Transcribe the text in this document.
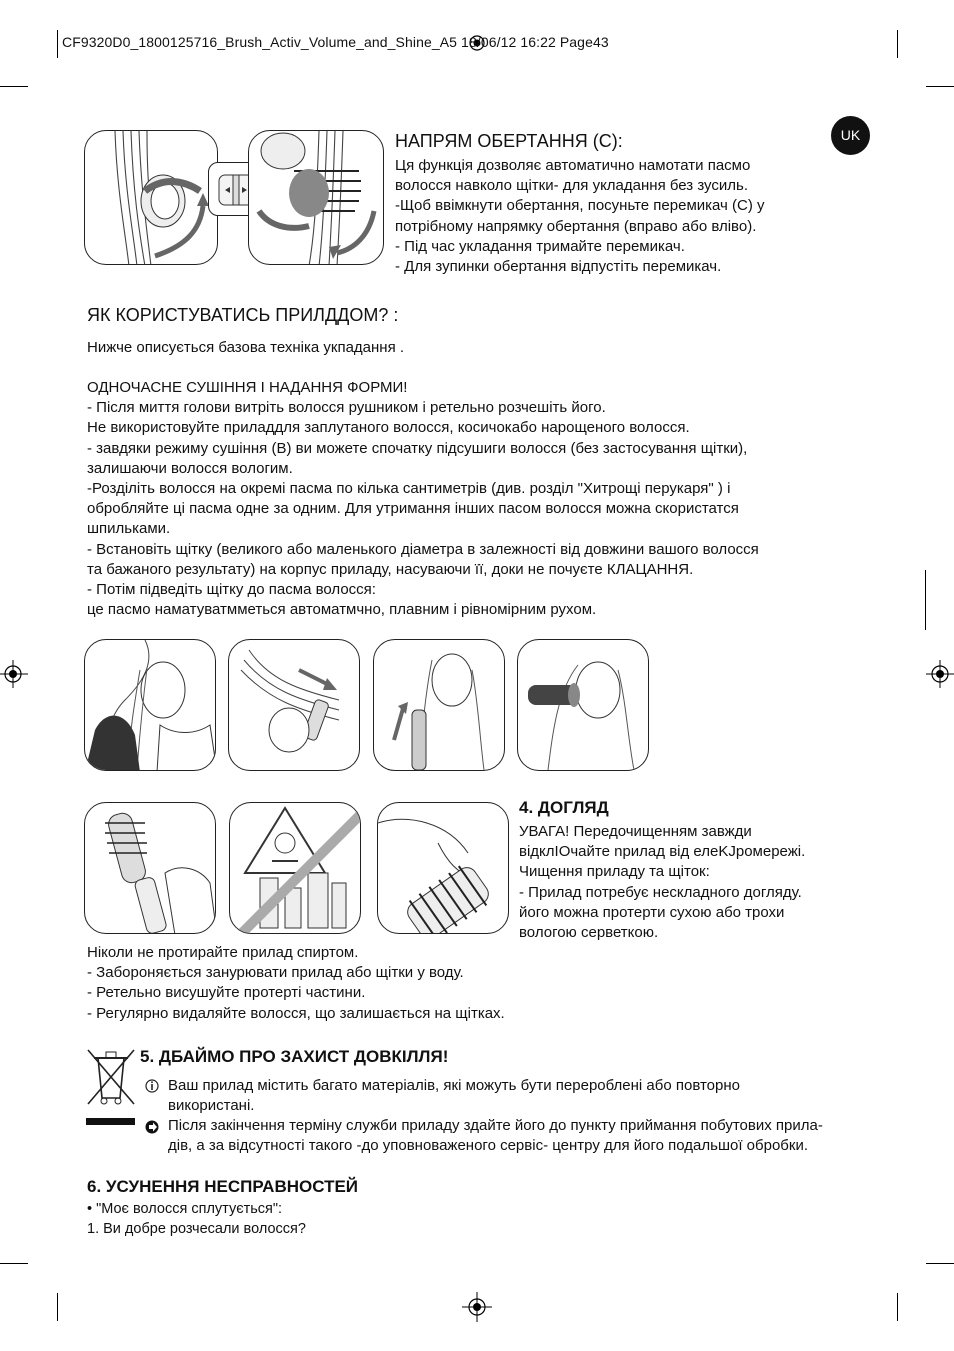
CF9320D0_1800125716_Brush_Activ_Volume_and_Shine_A5 18/06/12 16:22 Page43
UK
НАПРЯМ ОБЕРТАННЯ (С):
Ця функція дозволяє автоматично намотати пасмо
волосся навколо щітки- для укладання без зусиль.
-Щоб ввімкнути обертання, посуньте перемикач (C) у
потрібному напрямку обертання (вправо або вліво).
- Під час укладання тримайте перемикач.
- Для зупинки обертання відпустіть перемикач.
ЯК КОРИСТУВАТИСЬ ПРИЛДДОМ? :
Нижче описується базова техніка укпадання .
ОДНОЧАСНЕ СУШІННЯ І НАДАННЯ ФОРМИ!
- Після миття голови витріть волосся рушником і ретельно розчешіть його.
Не використовуйте приладдля заплутаного волосся, косичокабо нарощеного волосся.
- завдяки режиму сушіння (B) ви можете спочатку підсушиги волосся (без застосування щітки),
залишаючи волосся вологим.
-Розділіть волосся на окремі пасма по кілька сантиметрів (див. розділ "Хитрощі перукаря" ) і
обробляйте ці пасма одне за одним. Для утримання інших пасом волосся можна скористатся
шпильками.
- Встановіть щітку (великого або маленького діаметра в залежності від довжини вашого волосся
та бажаного результату) на корпус приладу, насуваючи її, доки не почуєте КЛАЦАННЯ.
- Потім підведіть щітку до пасма волосся:
це пасмо наматуватмметься автоматмчно, плавним і рівномірним рухом.
4. ДОГЛЯД
УВАГА! Передочищенням завжди
відклIОчайте nрилад від елеKJромережі.
Чищення приладу та щіток:
- Прилад потребує нескладного догляду.
його можна протерти сухою або трохи
вологою серветкою.
Ніколи не протирайте прилад спиртом.
- Забороняється занурювати прилад або щітки у воду.
- Ретельно висушуйте протерті частини.
- Регулярно видаляйте волосся, що залишається на щітках.
5. ДБАЙМО ПРО ЗАХИСТ ДОВКІЛЛЯ!
Ваш прилад містить багато матеріалів, які можуть бути перероблені або повторно
використані.
Після закінчення терміну служби приладу здайте його до пункту приймання побутових прила-
дів, а за відсутності такого -до уповноваженого сервіс- центру для його подальшої обробки.
6. УСУНЕННЯ НЕСПРАВНОСТЕЙ
• "Моє волосся сплутується":
1. Ви добре розчесали волосся?
